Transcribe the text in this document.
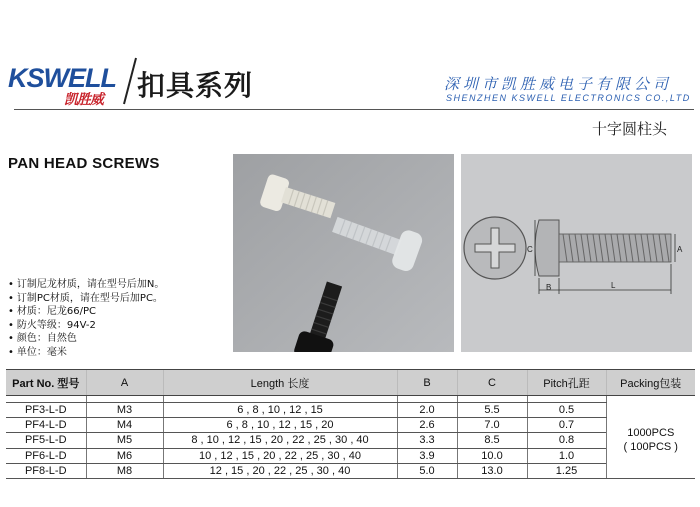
KSWELL
凯胜威 扣具系列	深圳市凯胜威电子有限公司
SHENZHEN KSWELL ELECTRONICS CO.,LTD
十字圆柱头
PAN HEAD SCREWS
C	A
B	L
• 订制尼龙材质，请在型号后加N。
• 订制PC材质，请在型号后加PC。
• 材质：尼龙66/PC
• 防火等级：94V-2
• 颜色：自然色
• 单位：毫米
Part No. 型号	A	Length 长度	B	C	Pitch孔距	Packing包装

PF3-L-D	M3	6 , 8 , 10 , 12 , 15	2.0	5.5	0.5	1000PCS
( 100PCS )
PF4-L-D	M4	6 , 8 , 10 , 12 , 15 , 20	2.6	7.0	0.7	
PF5-L-D	M5	8 , 10 , 12 , 15 , 20 , 22 , 25 , 30 , 40	3.3	8.5	0.8	
PF6-L-D	M6	10 , 12 , 15 , 20 , 22 , 25 , 30 , 40	3.9	10.0	1.0	
PF8-L-D	M8	12 , 15 , 20 , 22 , 25 , 30 , 40	5.0	13.0	1.25	
